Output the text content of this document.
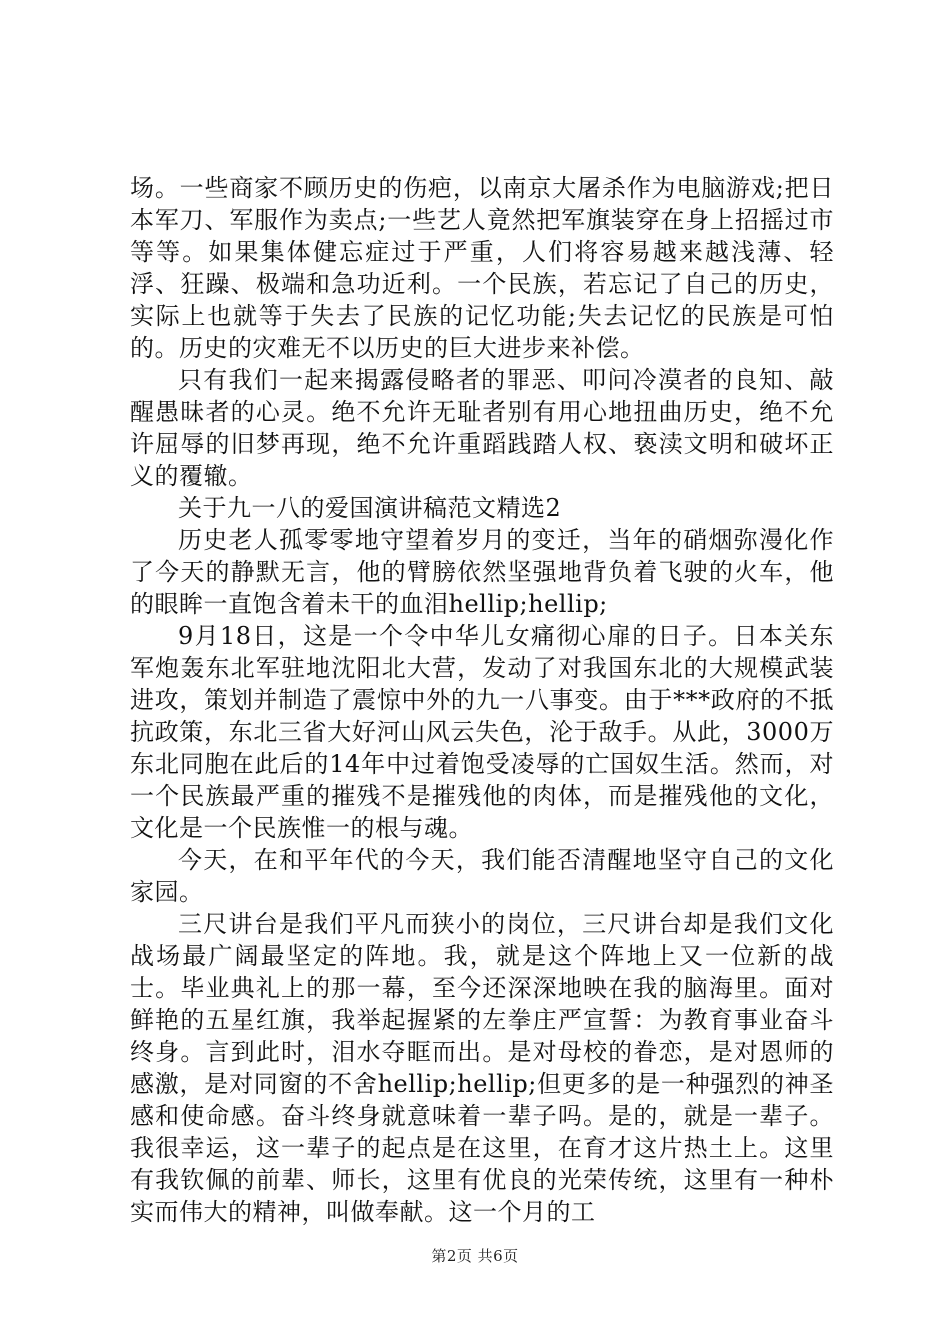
场。一些商家不顾历史的伤疤，以南京大屠杀作为电脑游戏;把日本军刀、军服作为卖点;一些艺人竟然把军旗装穿在身上招摇过市等等。如果集体健忘症过于严重，人们将容易越来越浅薄、轻浮、狂躁、极端和急功近利。一个民族，若忘记了自己的历史，实际上也就等于失去了民族的记忆功能;失去记忆的民族是可怕的。历史的灾难无不以历史的巨大进步来补偿。

只有我们一起来揭露侵略者的罪恶、叩问冷漠者的良知、敲醒愚昧者的心灵。绝不允许无耻者别有用心地扭曲历史，绝不允许屈辱的旧梦再现，绝不允许重蹈践踏人权、亵渎文明和破坏正义的覆辙。

关于九一八的爱国演讲稿范文精选2

历史老人孤零零地守望着岁月的变迁，当年的硝烟弥漫化作了今天的静默无言，他的臂膀依然坚强地背负着飞驶的火车，他的眼眸一直饱含着未干的血泪hellip;hellip;

9月18日，这是一个令中华儿女痛彻心扉的日子。日本关东军炮轰东北军驻地沈阳北大营，发动了对我国东北的大规模武装进攻，策划并制造了震惊中外的九一八事变。由于***政府的不抵抗政策，东北三省大好河山风云失色，沦于敌手。从此，3000万东北同胞在此后的14年中过着饱受凌辱的亡国奴生活。然而，对一个民族最严重的摧残不是摧残他的肉体，而是摧残他的文化，文化是一个民族惟一的根与魂。

今天，在和平年代的今天，我们能否清醒地坚守自己的文化家园。

三尺讲台是我们平凡而狭小的岗位，三尺讲台却是我们文化战场最广阔最坚定的阵地。我，就是这个阵地上又一位新的战士。毕业典礼上的那一幕，至今还深深地映在我的脑海里。面对鲜艳的五星红旗，我举起握紧的左拳庄严宣誓：为教育事业奋斗终身。言到此时，泪水夺眶而出。是对母校的眷恋，是对恩师的感激，是对同窗的不舍hellip;hellip;但更多的是一种强烈的神圣感和使命感。奋斗终身就意味着一辈子吗。是的，就是一辈子。我很幸运，这一辈子的起点是在这里，在育才这片热土上。这里有我钦佩的前辈、师长，这里有优良的光荣传统，这里有一种朴实而伟大的精神，叫做奉献。这一个月的工

第2页 共6页
